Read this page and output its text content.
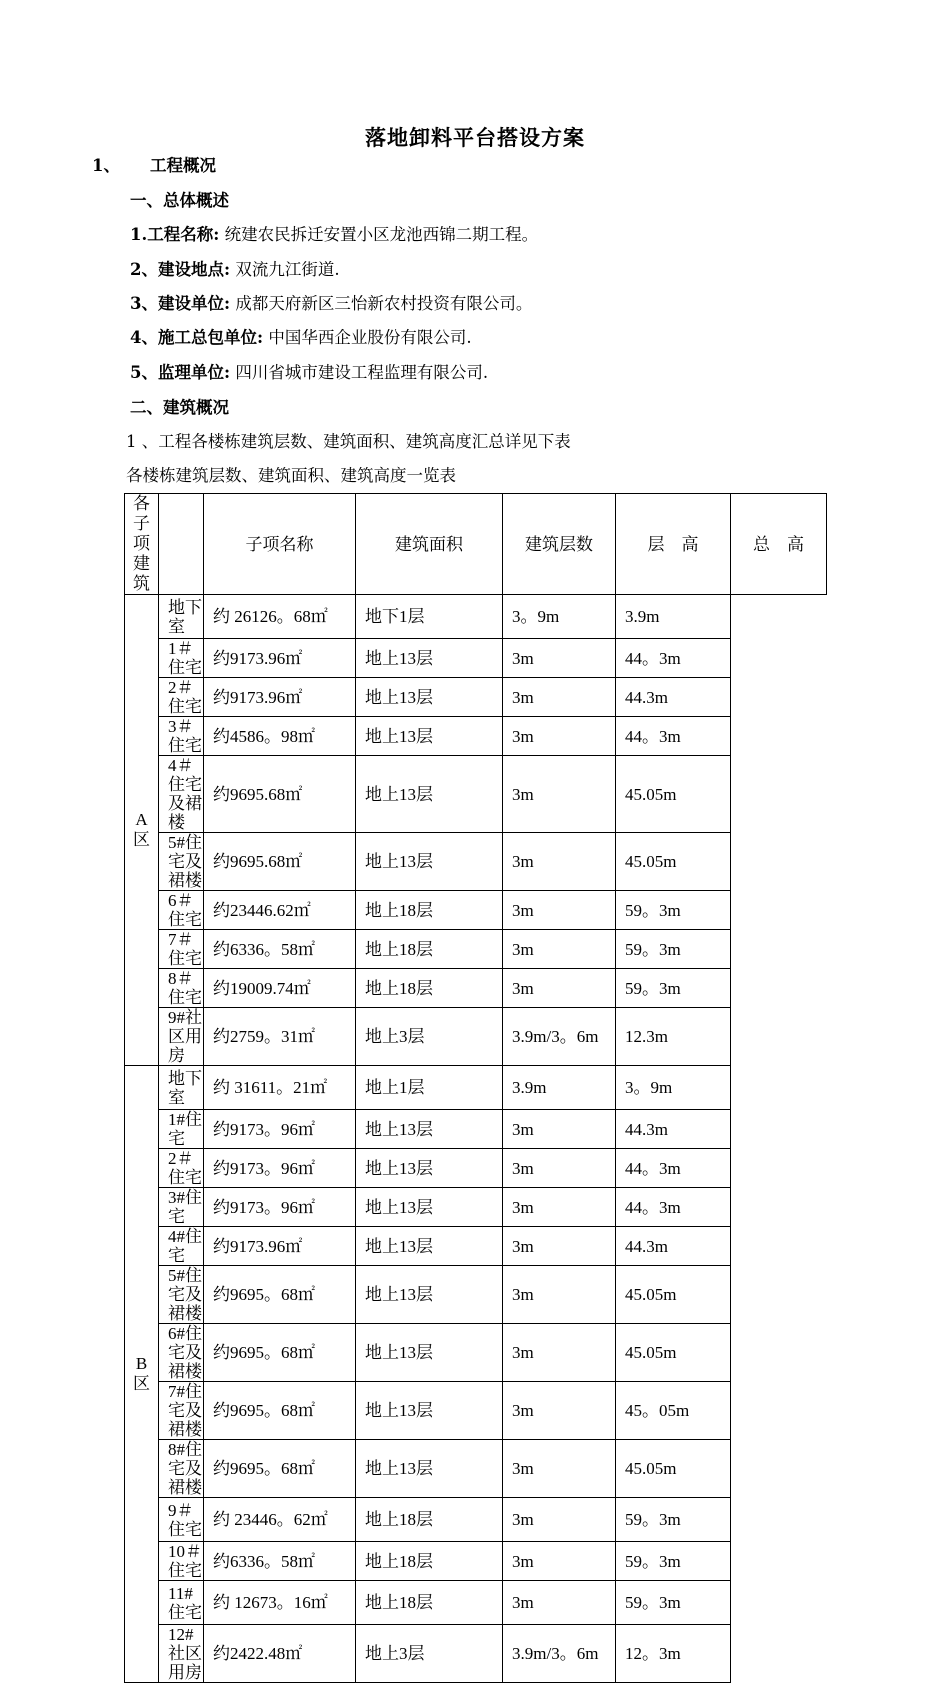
落地卸料平台搭设方案
1、 工程概况
一、总体概述
1.工程名称: 统建农民拆迁安置小区龙池西锦二期工程。
2、建设地点: 双流九江街道.
3、建设单位: 成都天府新区三怡新农村投资有限公司。
4、施工总包单位: 中国华西企业股份有限公司.
5、监理单位: 四川省城市建设工程监理有限公司.
二、建筑概况
1 、工程各楼栋建筑层数、建筑面积、建筑高度汇总详见下表
各楼栋建筑层数、建筑面积、建筑高度一览表
各子项建筑		子项名称	建筑面积	建筑层数	层　高	总　高
A区	地下室	约 26126。68㎡	地下1层	3。9m	3.9m	
	1＃住宅	约9173.96㎡	地上13层	3m	44。3m	
	2＃住宅	约9173.96㎡	地上13层	3m	44.3m	
	3＃住宅	约4586。98㎡	地上13层	3m	44。3m	
	4＃住宅及裙楼	约9695.68㎡	地上13层	3m	45.05m	
	5#住宅及裙楼	约9695.68㎡	地上13层	3m	45.05m	
	6＃住宅	约23446.62㎡	地上18层	3m	59。3m	
	7＃住宅	约6336。58㎡	地上18层	3m	59。3m	
	8＃住宅	约19009.74㎡	地上18层	3m	59。3m	
	9#社区用房	约2759。31㎡	地上3层	3.9m/3。6m	12.3m	
B区	地下室	约 31611。21㎡	地上1层	3.9m	3。9m	
	1#住宅	约9173。96㎡	地上13层	3m	44.3m	
	2＃住宅	约9173。96㎡	地上13层	3m	44。3m	
	3#住宅	约9173。96㎡	地上13层	3m	44。3m	
	4#住宅	约9173.96㎡	地上13层	3m	44.3m	
	5#住宅及裙楼	约9695。68㎡	地上13层	3m	45.05m	
	6#住宅及裙楼	约9695。68㎡	地上13层	3m	45.05m	
	7#住宅及裙楼	约9695。68㎡	地上13层	3m	45。05m	
	8#住宅及裙楼	约9695。68㎡	地上13层	3m	45.05m	
	9＃住宅	约 23446。62㎡	地上18层	3m	59。3m	
	10＃住宅	约6336。58㎡	地上18层	3m	59。3m	
	11#住宅	约 12673。16㎡	地上18层	3m	59。3m	
	12#社区用房	约2422.48㎡	地上3层	3.9m/3。6m	12。3m	
